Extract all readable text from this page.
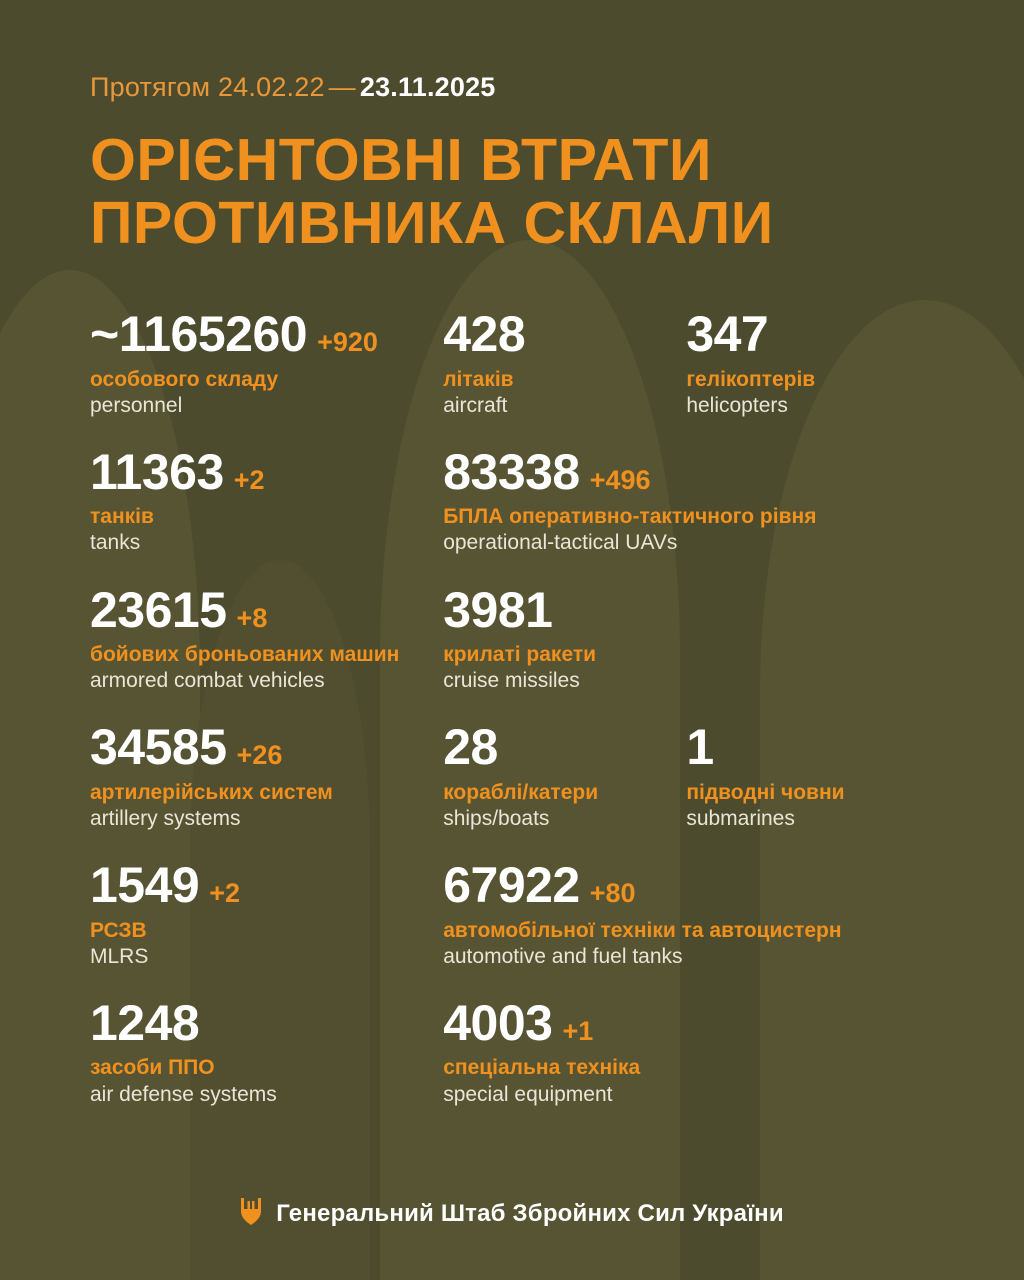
Протягом 24.02.22 — 23.11.2025
ОРІЄНТОВНІ ВТРАТИ
ПРОТИВНИКА СКЛАЛИ
~1165260 +920
особового складу
personnel
428
літаків
aircraft
347
гелікоптерів
helicopters
11363 +2
танків
tanks
83338 +496
БПЛА оперативно-тактичного рівня
operational-tactical UAVs
23615 +8
бойових броньованих машин
armored combat vehicles
3981
крилаті ракети
cruise missiles
34585 +26
артилерійських систем
artillery systems
28
кораблі/катери
ships/boats
1
підводні човни
submarines
1549 +2
РСЗВ
MLRS
67922 +80
автомобільної техніки та автоцистерн
automotive and fuel tanks
1248
засоби ППО
air defense systems
4003 +1
спеціальна техніка
special equipment
Генеральний Штаб Збройних Сил України
